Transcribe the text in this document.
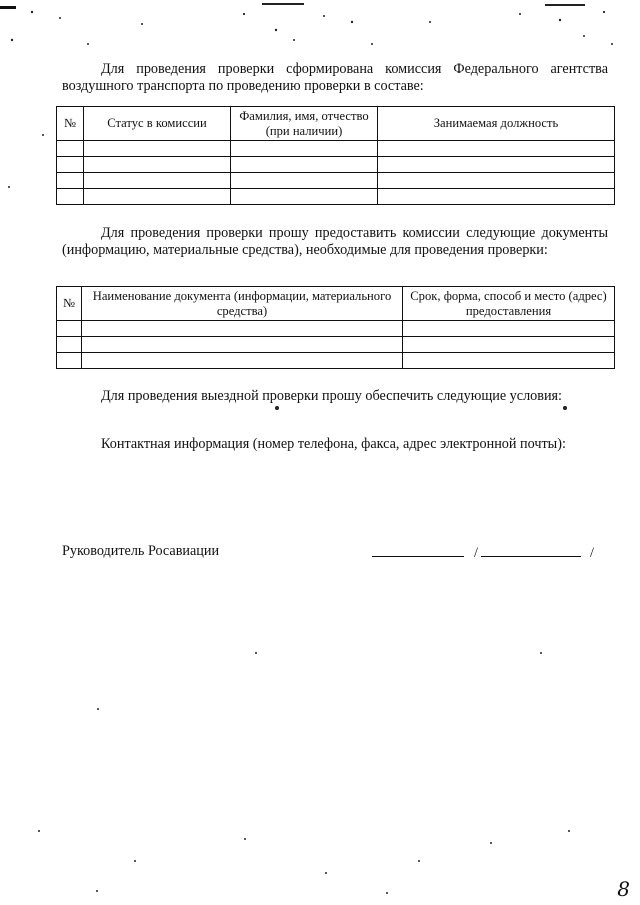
Для проведения проверки сформирована комиссия Федерального агентства воздушного транспорта по проведению проверки в составе:
№	Статус в комиссии	Фамилия, имя, отчество (при наличии)	Занимаемая должность

Для проведения проверки прошу предоставить комиссии следующие документы (информацию, материальные средства), необходимые для проведения проверки:
№	Наименование документа (информации, материального средства)	Срок, форма, способ и место (адрес) предоставления

Для проведения выездной проверки прошу обеспечить следующие условия:
Контактная информация (номер телефона, факса, адрес электронной почты):
Руководитель Росавиации	/	/
8
